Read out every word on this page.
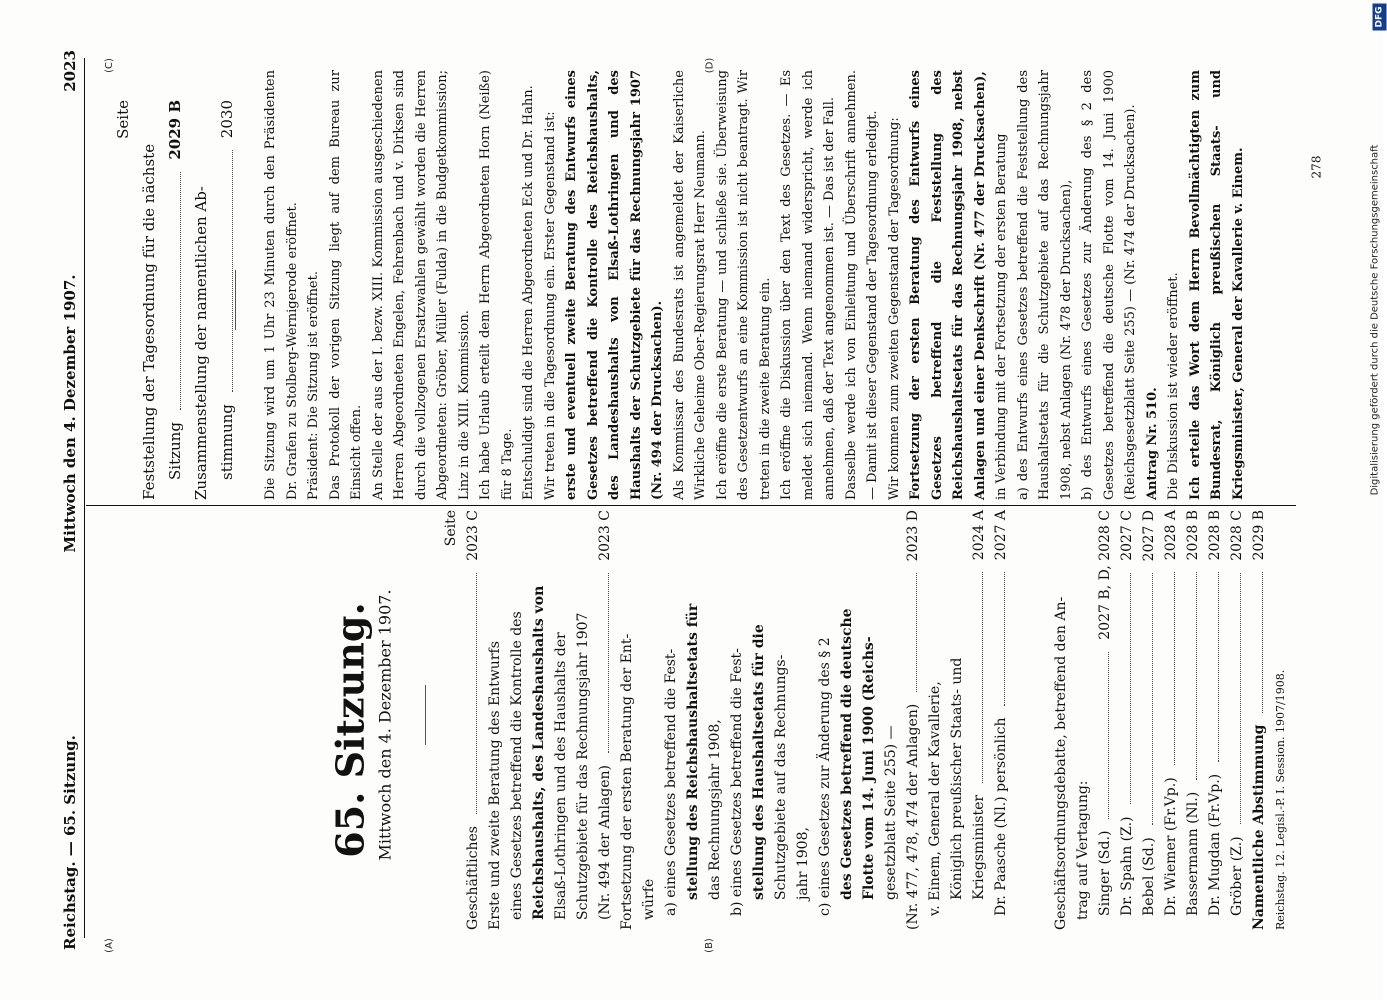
Reichstag. — 65. Sitzung.
Mittwoch den 4. Dezember 1907.
2023
(A)	(B)
(C)	(D)
65. Sitzung. Mittwoch den 4. Dezember 1907.
Seite
Geschäftliches
2023 C
Erste und zweite Beratung des Entwurfs eines Gesetzes betreffend die Kontrolle des Reichshaushalts, des Landeshaushalts von Elsaß-Lothringen und des Haushalts der Schutzgebiete für das Rechnungsjahr 1907 (Nr. 494 der Anlagen)
2023 C
Fortsetzung der ersten Beratung der Ent- würfe a) eines Gesetzes betreffend die Fest- stellung des Reichshaushaltsetats für das Rechnungsjahr 1908, b) eines Gesetzes betreffend die Fest- stellung des Haushaltsetats für die Schutzgebiete auf das Rechnungs- jahr 1908, c) eines Gesetzes zur Änderung des § 2 des Gesetzes betreffend die deutsche Flotte vom 14. Juni 1900 (Reichs- gesetzblatt Seite 255) — (Nr. 477, 478, 474 der Anlagen)
2023 D
v. Einem, General der Kavallerie, Königlich preußischer Staats- und Kriegsminister
2024 A
Dr. Paasche (Nl.) persönlich
2027 A
Geschäftsordnungsdebatte, betreffend den An- trag auf Vertagung: Singer (Sd.)
2027 B, D, 2028 C
Dr. Spahn (Z.)
2027 C
Bebel (Sd.)
2027 D
Dr. Wiemer (Fr.Vp.)
2028 A
Bassermann (Nl.)
2028 B
Dr. Mugdan (Fr.Vp.)
2028 B
Gröber (Z.)
2028 C
Namentliche Abstimmung
2029 B
Reichstag. 12. Legisl.-P. I. Session. 1907/1908.
Seite
Feststellung der Tagesordnung für die nächste Sitzung
2029 B
Zusammenstellung der namentlichen Ab- stimmung
2030	Die Sitzung wird um 1 Uhr 23 Minuten durch den Präsidenten Dr. Grafen zu Stolberg-Wernigerode eröffnet. Präsident: Die Sitzung ist eröffnet. Das Protokoll der vorigen Sitzung liegt auf dem Bureau zur Einsicht offen. An Stelle der aus der I. bezw. XIII. Kommission ausgeschiedenen Herren Abgeordneten Engelen, Fehrenbach und v. Dirksen sind durch die vollzogenen Ersatzwahlen gewählt worden die Herren Abgeordneten: Gröber, Müller (Fulda) in die Budgetkommission; Linz in die XIII. Kommission. Ich habe Urlaub erteilt dem Herrn Abgeordneten Horn (Neiße) für 8 Tage. Entschuldigt sind die Herren Abgeordneten Eck und Dr. Hahn. Wir treten in die Tagesordnung ein. Erster Gegenstand ist: erste und eventuell zweite Beratung des Entwurfs eines Gesetzes betreffend die Kontrolle des Reichshaushalts, des Landeshaushalts von Elsaß-Lothringen und des Haushalts der Schutzgebiete für das Rechnungsjahr 1907 (Nr. 494 der Drucksachen). Als Kommissar des Bundesrats ist angemeldet der Kaiserliche Wirkliche Geheime Ober-Regierungsrat Herr Neumann. Ich eröffne die erste Beratung — und schließe sie. Überweisung des Gesetzentwurfs an eine Kommission ist nicht beantragt. Wir treten in die zweite Beratung ein. Ich eröffne die Diskussion über den Text des Gesetzes. — Es meldet sich niemand. Wenn niemand widerspricht, werde ich annehmen, daß der Text angenommen ist. — Das ist der Fall. Dasselbe werde ich von Einleitung und Überschrift annehmen. — Damit ist dieser Gegenstand der Tagesordnung erledigt. Wir kommen zum zweiten Gegenstand der Tagesordnung: Fortsetzung der ersten Beratung des Entwurfs eines Gesetzes betreffend die Feststellung des Reichshaushaltsetats für das Rechnungsjahr 1908, nebst Anlagen und einer Denkschrift (Nr. 477 der Drucksachen), in Verbindung mit der Fortsetzung der ersten Beratung a) des Entwurfs eines Gesetzes betreffend die Feststellung des Haushaltsetats für die Schutzgebiete auf das Rechnungsjahr 1908, nebst Anlagen (Nr. 478 der Drucksachen), b) des Entwurfs eines Gesetzes zur Änderung des § 2 des Gesetzes betreffend die deutsche Flotte vom 14. Juni 1900 (Reichsgesetzblatt Seite 255) — (Nr. 474 der Drucksachen). Antrag Nr. 510. Die Diskussion ist wieder eröffnet. Ich erteile das Wort dem Herrn Bevollmächtigten zum Bundesrat, Königlich preußischen Staats- und Kriegsminister, General der Kavallerie v. Einem.	278
DFG
Digitalisierung gefördert durch die Deutsche Forschungsgemeinschaft
